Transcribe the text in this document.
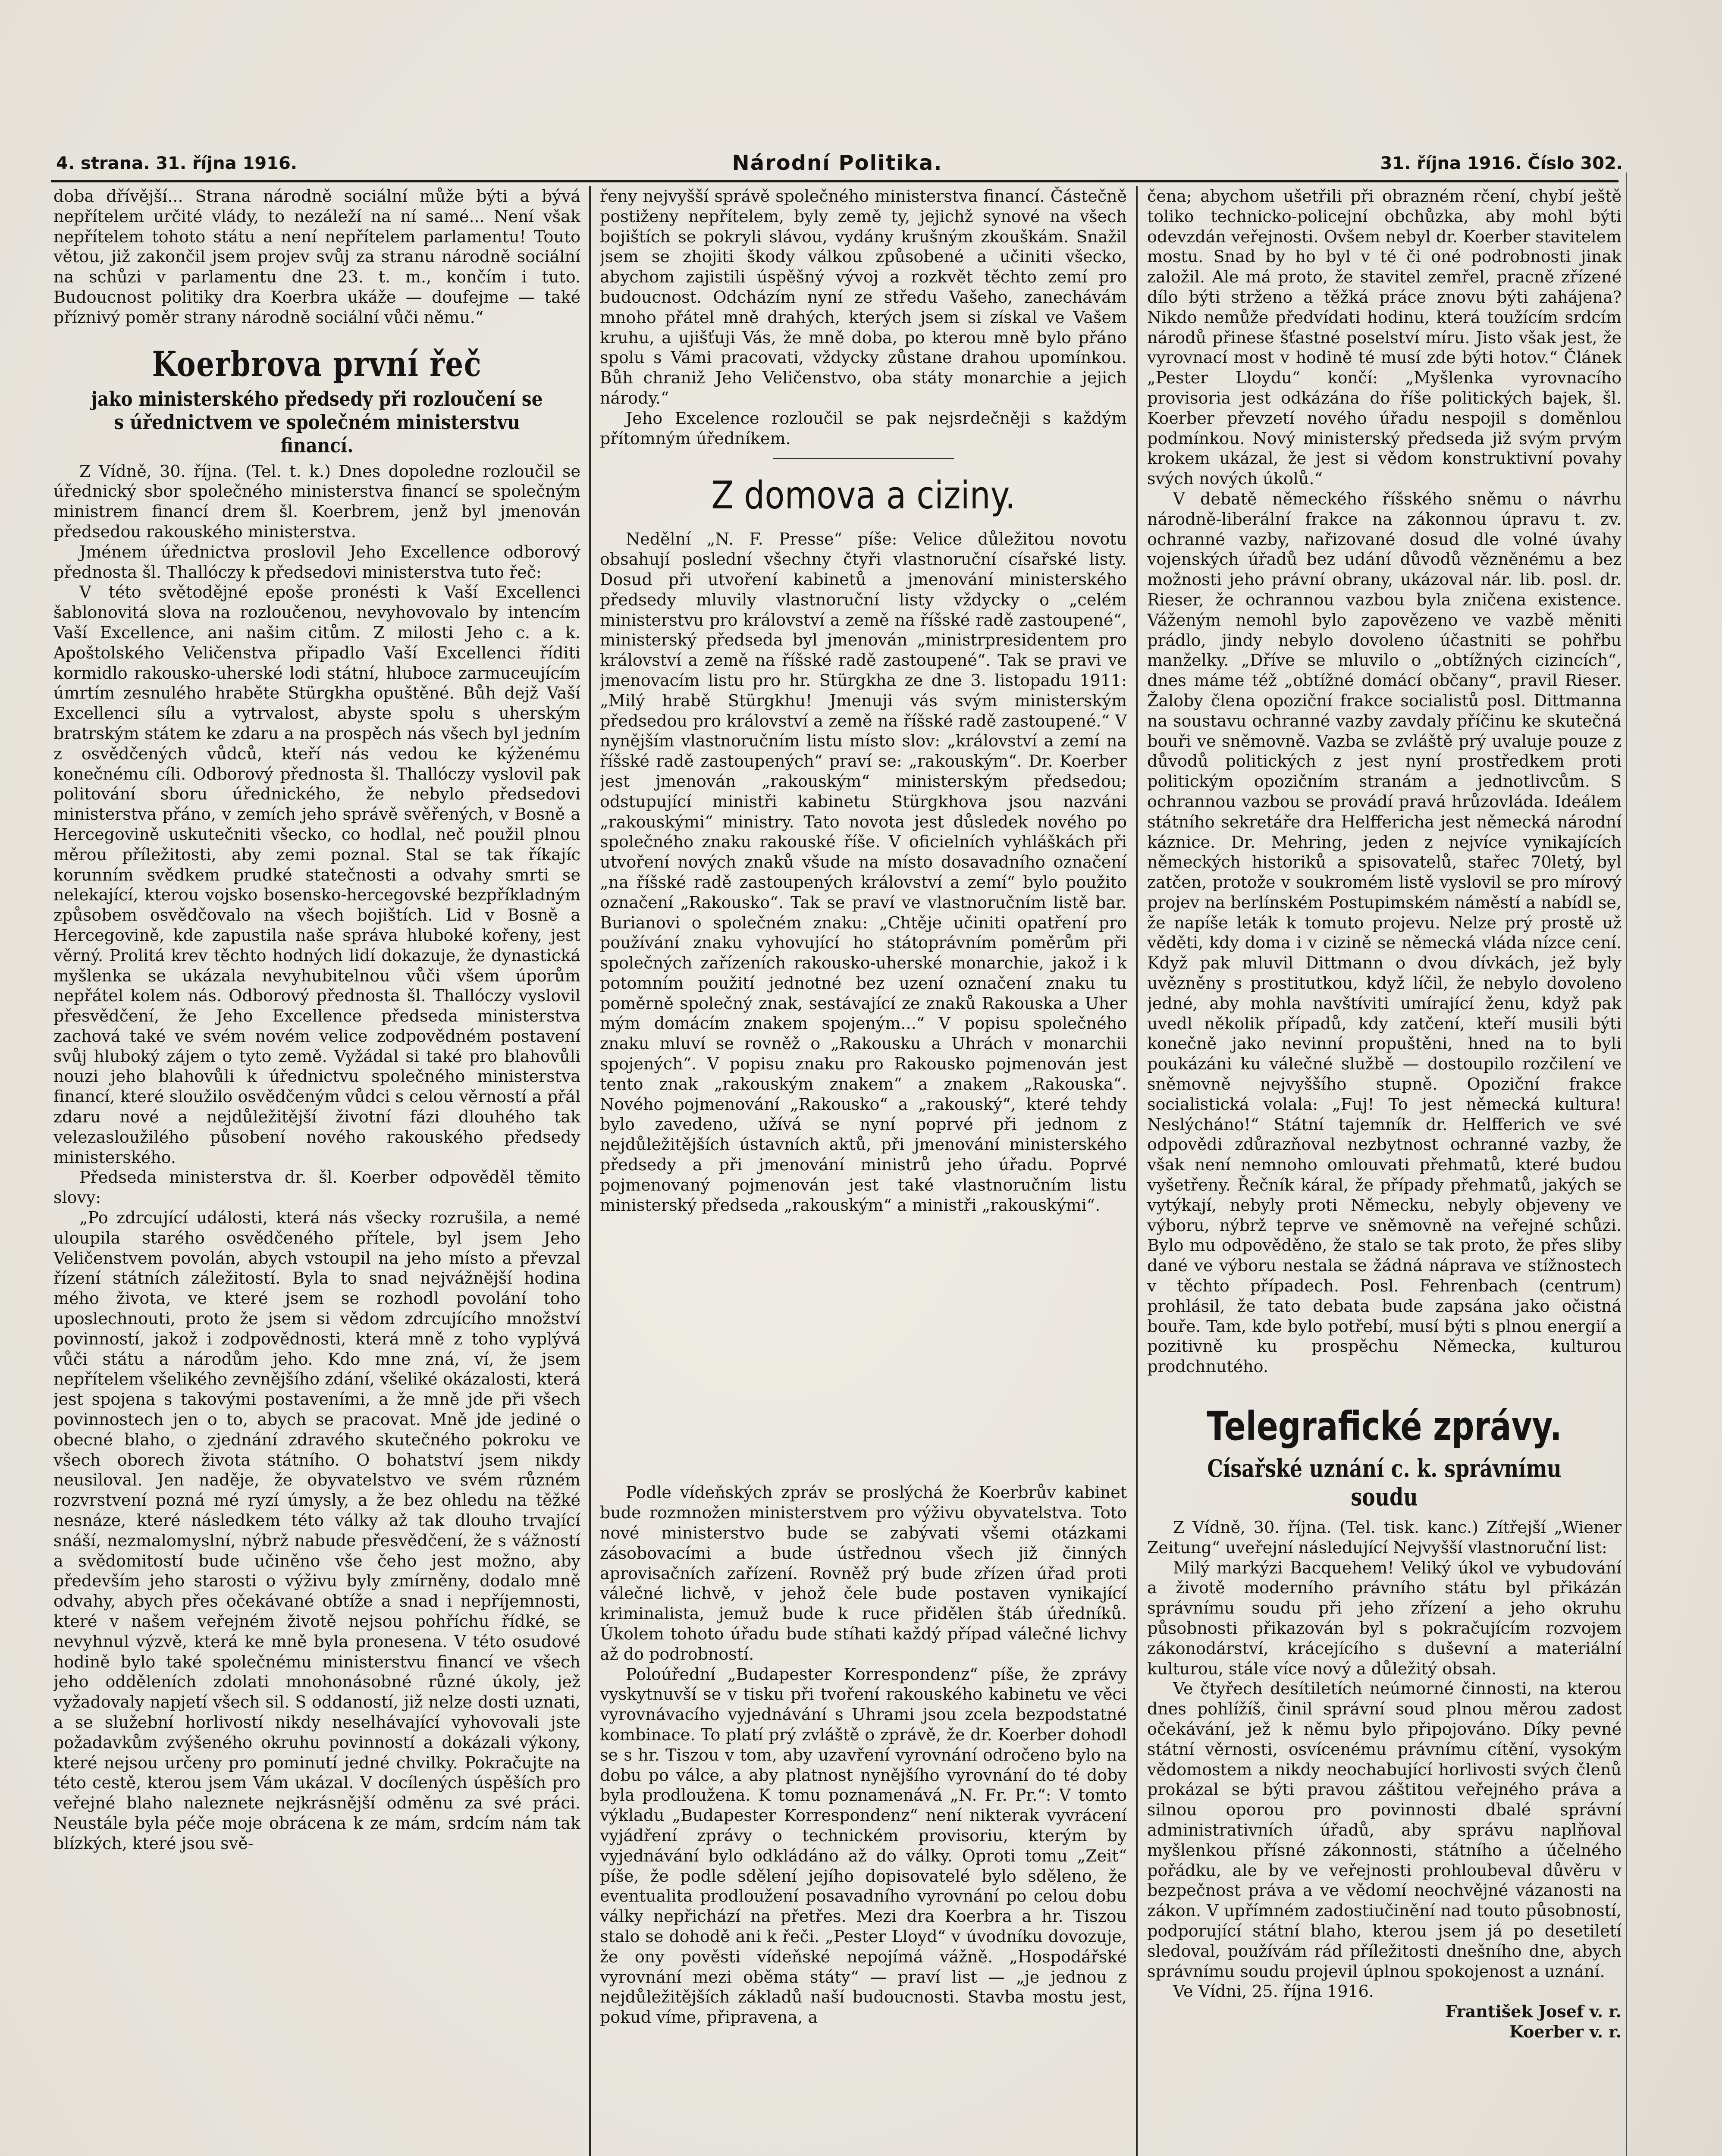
4. strana. 31. října 1916.	Národní Politika.	31. října 1916. Číslo 302.

doba dřívější... Strana národně sociální může býti a bývá nepřítelem určité vlády, to nezáleží na ní samé... Není však nepřítelem tohoto státu a není nepřítelem parlamentu! Touto větou, již zakončil jsem projev svůj za stranu národně sociální na schůzi v parlamentu dne 23. t. m., končím i tuto. Budoucnost politiky dra Koerbra ukáže — doufejme — také příznivý poměr strany národně sociální vůči němu.“

Koerbrova první řeč
jako ministerského předsedy při rozloučení se s úřednictvem ve společném ministerstvu financí.

Z Vídně, 30. října. (Tel. t. k.) Dnes dopoledne rozloučil se úřednický sbor společného ministerstva financí se společným ministrem financí drem šl. Koerbrem, jenž byl jmenován předsedou rakouského ministerstva.

Jménem úřednictva proslovil Jeho Excellence odborový přednosta šl. Thallóczy k předsedovi ministerstva tuto řeč:

V této světodějné epoše pronésti k Vaší Excellenci šablonovitá slova na rozloučenou, nevyhovovalo by intencím Vaší Excellence, ani našim citům. Z milosti Jeho c. a k. Apoštolského Veličenstva připadlo Vaší Excellenci říditi kormidlo rakousko-uherské lodi státní, hluboce zarmuceujícím úmrtím zesnulého hraběte Stürgkha opuštěné. Bůh dejž Vaší Excellenci sílu a vytrvalost, abyste spolu s uherským bratrským státem ke zdaru a na prospěch nás všech byl jedním z osvědčených vůdců, kteří nás vedou ke kýženému konečnému cíli. Odborový přednosta šl. Thallóczy vyslovil pak politování sboru úřednického, že nebylo předsedovi ministerstva přáno, v zemích jeho správě svěřených, v Bosně a Hercegovině uskutečniti všecko, co hodlal, neč použil plnou měrou příležitosti, aby zemi poznal. Stal se tak říkajíc korunním svědkem prudké statečnosti a odvahy smrti se nelekající, kterou vojsko bosensko-hercegovské bezpříkladným způsobem osvědčovalo na všech bojištích. Lid v Bosně a Hercegovině, kde zapustila naše správa hluboké kořeny, jest věrný. Prolitá krev těchto hodných lidí dokazuje, že dynastická myšlenka se ukázala nevyhubitelnou vůči všem úporům nepřátel kolem nás. Odborový přednosta šl. Thallóczy vyslovil přesvědčení, že Jeho Excellence předseda ministerstva zachová také ve svém novém velice zodpovědném postavení svůj hluboký zájem o tyto země. Vyžádal si také pro blahovůli nouzi jeho blahovůli k úřednictvu společného ministerstva financí, které sloužilo osvědčeným vůdci s celou věrností a přál zdaru nové a nejdůležitější životní fázi dlouhého tak velezasloužilého působení nového rakouského předsedy ministerského.

Předseda ministerstva dr. šl. Koerber odpověděl těmito slovy:

„Po zdrcující události, která nás všecky rozrušila, a nemé uloupila starého osvědčeného přítele, byl jsem Jeho Veličenstvem povolán, abych vstoupil na jeho místo a převzal řízení státních záležitostí. Byla to snad nejvážnější hodina mého života, ve které jsem se rozhodl povolání toho uposlechnouti, proto že jsem si vědom zdrcujícího množství povinností, jakož i zodpovědnosti, která mně z toho vyplývá vůči státu a národům jeho. Kdo mne zná, ví, že jsem nepřítelem všelikého zevnějšího zdání, všeliké okázalosti, která jest spojena s takovými postaveními, a že mně jde při všech povinnostech jen o to, abych se pracovat. Mně jde jediné o obecné blaho, o zjednání zdravého skutečného pokroku ve všech oborech života státního. O bohatství jsem nikdy neusiloval. Jen naděje, že obyvatelstvo ve svém různém rozvrstvení pozná mé ryzí úmysly, a že bez ohledu na těžké nesnáze, které následkem této války až tak dlouho trvající snáší, nezmalomyslní, nýbrž nabude přesvědčení, že s vážností a svědomitostí bude učiněno vše čeho jest možno, aby především jeho starosti o výživu byly zmírněny, dodalo mně odvahy, abych přes očekávané obtíže a snad i nepříjemnosti, které v našem veřejném životě nejsou pohříchu řídké, se nevyhnul výzvě, která ke mně byla pronesena. V této osudové hodině bylo také společnému ministerstvu financí ve všech jeho odděleních zdolati mnohonásobné různé úkoly, jež vyžadovaly napjetí všech sil. S oddaností, již nelze dosti uznati, a se služební horlivostí nikdy neselhávající vyhovovali jste požadavkům zvýšeného okruhu povinností a dokázali výkony, které nejsou určeny pro pominutí jedné chvilky. Pokračujte na této cestě, kterou jsem Vám ukázal. V docílených úspěších pro veřejné blaho naleznete nejkrásnější odměnu za své práci. Neustále byla péče moje obrácena k ze mám, srdcím nám tak blízkých, které jsou svě-

řeny nejvyšší správě společného ministerstva financí. Částečně postiženy nepřítelem, byly země ty, jejichž synové na všech bojištích se pokryli slávou, vydány krušným zkouškám. Snažil jsem se zhojiti škody válkou způsobené a učiniti všecko, abychom zajistili úspěšný vývoj a rozkvět těchto zemí pro budoucnost. Odcházím nyní ze středu Vašeho, zanechávám mnoho přátel mně drahých, kterých jsem si získal ve Vašem kruhu, a ujišťuji Vás, že mně doba, po kterou mně bylo přáno spolu s Vámi pracovati, vždycky zůstane drahou upomínkou. Bůh chraniž Jeho Veličenstvo, oba státy monarchie a jejich národy.“

Jeho Excelence rozloučil se pak nejsrdečněji s každým přítomným úředníkem.

Z domova a ciziny.

Nedělní „N. F. Presse“ píše: Velice důležitou novotu obsahují poslední všechny čtyři vlastnoruční císařské listy. Dosud při utvoření kabinetů a jmenování ministerského předsedy mluvily vlastnoruční listy vždycky o „celém ministerstvu pro království a země na říšské radě zastoupené“, ministerský předseda byl jmenován „ministrpresidentem pro království a země na říšské radě zastoupené“. Tak se pravi ve jmenovacím listu pro hr. Stürgkha ze dne 3. listopadu 1911: „Milý hrabě Stürgkhu! Jmenuji vás svým ministerským předsedou pro království a země na říšské radě zastoupené.“ V nynějším vlastnoručním listu místo slov: „království a zemí na říšské radě zastoupených“ praví se: „rakouským“. Dr. Koerber jest jmenován „rakouským“ ministerským předsedou; odstupující ministři kabinetu Stürgkhova jsou nazváni „rakouskými“ ministry. Tato novota jest důsledek nového po společného znaku rakouské říše. V oficielních vyhláškách při utvoření nových znaků všude na místo dosavadního označení „na říšské radě zastoupených království a zemí“ bylo použito označení „Rakousko“. Tak se praví ve vlastnoručním listě bar. Burianovi o společném znaku: „Chtěje učiniti opatření pro používání znaku vyhovující ho státoprávním poměrům při společných zařízeních rakousko-uherské monarchie, jakož i k potomním použití jednotné bez uzení označení znaku tu poměrně společný znak, sestávající ze znaků Rakouska a Uher mým domácím znakem spojeným...“ V popisu společného znaku mluví se rovněž o „Rakousku a Uhrách v monarchii spojených“. V popisu znaku pro Rakousko pojmenován jest tento znak „rakouským znakem“ a znakem „Rakouska“. Nového pojmenování „Rakousko“ a „rakouský“, které tehdy bylo zavedeno, užívá se nyní poprvé při jednom z nejdůležitějších ústavních aktů, při jmenování ministerského předsedy a při jmenování ministrů jeho úřadu. Poprvé pojmenovaný pojmenován jest také vlastnoručním listu ministerský předseda „rakouským“ a ministři „rakouskými“.

Podle vídeňských zpráv se proslýchá že Koerbrův kabinet bude rozmnožen ministerstvem pro výživu obyvatelstva. Toto nové ministerstvo bude se zabývati všemi otázkami zásobovacími a bude ústřednou všech již činných aprovisačních zařízení. Rovněž prý bude zřízen úřad proti válečné lichvě, v jehož čele bude postaven vynikající kriminalista, jemuž bude k ruce přidělen štáb úředníků. Úkolem tohoto úřadu bude stíhati každý případ válečné lichvy až do podrobností.

Poloúřední „Budapester Korrespondenz“ píše, že zprávy vyskytnuvší se v tisku při tvoření rakouského kabinetu ve věci vyrovnávacího vyjednávání s Uhrami jsou zcela bezpodstatné kombinace. To platí prý zvláště o zprávě, že dr. Koerber dohodl se s hr. Tiszou v tom, aby uzavření vyrovnání odročeno bylo na dobu po válce, a aby platnost nynějšího vyrovnání do té doby byla prodloužena. K tomu poznamenává „N. Fr. Pr.“: V tomto výkladu „Budapester Korrespondenz“ není nikterak vyvrácení vyjádření zprávy o technickém provisoriu, kterým by vyjednávání bylo odkládáno až do války. Oproti tomu „Zeit“ píše, že podle sdělení jejího dopisovatelé bylo sděleno, že eventualita prodloužení posavadního vyrovnání po celou dobu války nepřichází na přetřes. Mezi dra Koerbra a hr. Tiszou stalo se dohodě ani k řeči. „Pester Lloyd“ v úvodníku dovozuje, že ony pověsti vídeňské nepojímá vážně. „Hospodářské vyrovnání mezi oběma státy“ — praví list — „je jednou z nejdůležitějších základů naší budoucnosti. Stavba mostu jest, pokud víme, připravena, a

čena; abychom ušetřili při obrazném rčení, chybí ještě toliko technicko-policejní obchůzka, aby mohl býti odevzdán veřejnosti. Ovšem nebyl dr. Koerber stavitelem mostu. Snad by ho byl v té či oné podrobnosti jinak založil. Ale má proto, že stavitel zemřel, pracně zřízené dílo býti strženo a těžká práce znovu býti zahájena? Nikdo nemůže předvídati hodinu, která toužícím srdcím národů přinese šťastné poselství míru. Jisto však jest, že vyrovnací most v hodině té musí zde býti hotov.“ Článek „Pester Lloydu“ končí: „Myšlenka vyrovnacího provisoria jest odkázána do říše politických bajek, šl. Koerber převzetí nového úřadu nespojil s doměnlou podmínkou. Nový ministerský předseda již svým prvým krokem ukázal, že jest si vědom konstruktivní povahy svých nových úkolů.“

V debatě německého říšského sněmu o návrhu národně-liberální frakce na zákonnou úpravu t. zv. ochranné vazby, nařizované dosud dle volné úvahy vojenských úřadů bez udání důvodů vězněnému a bez možnosti jeho právní obrany, ukázoval nár. lib. posl. dr. Rieser, že ochrannou vazbou byla zničena existence. Váženým nemohl bylo zapovězeno ve vazbě měniti prádlo, jindy nebylo dovoleno účastniti se pohřbu manželky. „Dříve se mluvilo o „obtížných cizincích“, dnes máme též „obtížné domácí občany“, pravil Rieser. Žaloby člena opoziční frakce socialistů posl. Dittmanna na soustavu ochranné vazby zavdaly příčinu ke skutečná bouři ve sněmovně. Vazba se zvláště prý uvaluje pouze z důvodů politických z jest nyní prostředkem proti politickým opozičním stranám a jednotlivcům. S ochrannou vazbou se provádí pravá hrůzovláda. Ideálem státního sekretáře dra Helfferichа jest německá národní káznice. Dr. Mehring, jeden z nejvíce vynikajících německých historiků a spisovatelů, stařec 70letý, byl zatčen, protože v soukromém listě vyslovil se pro mírový projev na berlínském Postupimském náměstí a nabídl se, že napíše leták k tomuto projevu. Nelze prý prostě už věděti, kdy doma i v cizině se německá vláda nízce cení. Když pak mluvil Dittmann o dvou dívkách, jež byly uvězněny s prostitutkou, když líčil, že nebylo dovoleno jedné, aby mohla navštíviti umírající ženu, když pak uvedl několik případů, kdy zatčení, kteří musili býti konečně jako nevinní propuštěni, hned na to byli poukázáni ku válečné službě — dostoupilo rozčilení ve sněmovně nejvyššího stupně. Opoziční frakce socialistická volala: „Fuj! To jest německá kultura! Neslýcháno!“ Státní tajemník dr. Helfferich ve své odpovědi zdůrazňoval nezbytnost ochranné vazby, že však není nemnoho omlouvati přehmatů, které budou vyšetřeny. Řečník káral, že případy přehmatů, jakých se vytýkají, nebyly proti Německu, nebyly objeveny ve výboru, nýbrž teprve ve sněmovně na veřejné schůzi. Bylo mu odpověděno, že stalo se tak proto, že přes sliby dané ve výboru nestala se žádná náprava ve stížnostech v těchto případech. Posl. Fehrenbach (centrum) prohlásil, že tato debata bude zapsána jako očistná bouře. Tam, kde bylo potřebí, musí býti s plnou energií a pozitivně ku prospěchu Německa, kulturou prodchnutého.

Telegrafické zprávy.
Císařské uznání c. k. správnímu soudu

Z Vídně, 30. října. (Tel. tisk. kanc.) Zítřejší „Wiener Zeitung“ uveřejní následující Nejvyšší vlastnoruční list:

Milý markýzi Bacquehem! Veliký úkol ve vybudování a životě moderního právního státu byl přikázán správnímu soudu při jeho zřízení a jeho okruhu působnosti přikazován byl s pokračujícím rozvojem zákonodárství, krácejícího s duševní a materiální kulturou, stále více nový a důležitý obsah.

Ve čtyřech desítiletích neúmorné činnosti, na kterou dnes pohlížíš, činil správní soud plnou měrou zadost očekávání, jež k němu bylo připojováno. Díky pevné státní věrnosti, osvícenému právnímu cítění, vysokým vědomostem a nikdy neochabující horlivosti svých členů prokázal se býti pravou záštitou veřejného práva a silnou oporou pro povinnosti dbalé správní administrativních úřadů, aby správu naplňoval myšlenkou přísné zákonnosti, státního a účelného pořádku, ale by ve veřejnosti prohloubeval důvěru v bezpečnost práva a ve vědomí neochvějné vázanosti na zákon. V upřímném zadostiučinění nad touto působností, podporující státní blaho, kterou jsem já po desetiletí sledoval, používám rád příležitosti dnešního dne, abych správnímu soudu projevil úplnou spokojenost a uznání.

Ve Vídni, 25. října 1916.

František Josef v. r.
Koerber v. r.
